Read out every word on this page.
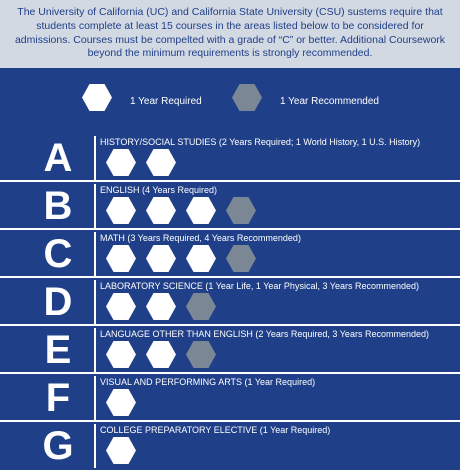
The University of California (UC) and California State University (CSU) sustems require that students complete at least 15 courses in the areas listed below to be considered for admissions. Courses must be compelted with a grade of “C” or better. Additional Coursework beyond the minimum requirements is strongly recommended.
1 Year Required	1 Year Recommended
A	HISTORY/SOCIAL STUDIES (2 Years Required; 1 World History, 1 U.S. History)
B	ENGLISH (4 Years Required)
C	MATH (3 Years Required, 4 Years Recommended)
D	LABORATORY SCIENCE (1 Year Life, 1 Year Physical, 3 Years Recommended)
E	LANGUAGE OTHER THAN ENGLISH (2 Years Required, 3 Years Recommended)
F	VISUAL AND PERFORMING ARTS (1 Year Required)
G	COLLEGE PREPARATORY ELECTIVE (1 Year Required)
